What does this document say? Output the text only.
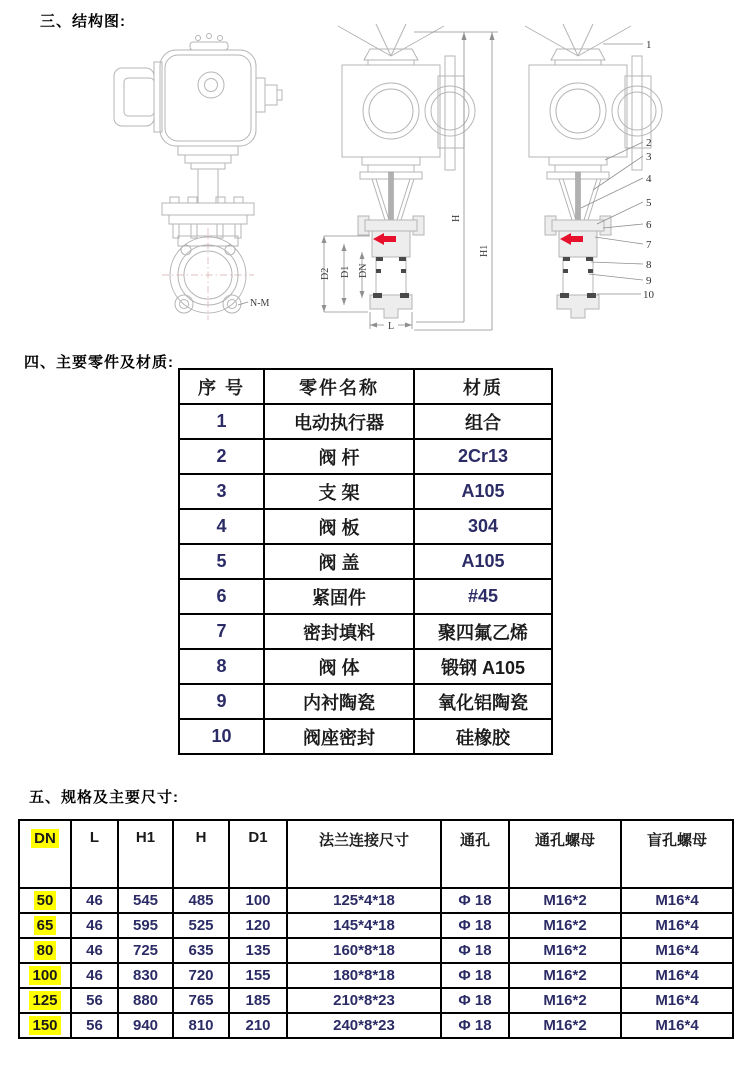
三、结构图:
四、主要零件及材质:
五、规格及主要尺寸:
N-M
D2 D1 DN
L
H
H1
1
2
3
4
5
6
7
8
9
10
序 号	零件名称	材质
1	电动执行器	组合
2	阀 杆	2Cr13
3	支 架	A105
4	阀 板	304
5	阀 盖	A105
6	紧固件	#45
7	密封填料	聚四氟乙烯
8	阀 体	锻钢 A105
9	内衬陶瓷	氧化铝陶瓷
10	阀座密封	硅橡胶
DN	L	H1	H	D1	法兰连接尺寸	通孔	通孔螺母	盲孔螺母
50	46	545	485	100	125*4*18	Φ 18	M16*2	M16*4
65	46	595	525	120	145*4*18	Φ 18	M16*2	M16*4
80	46	725	635	135	160*8*18	Φ 18	M16*2	M16*4
100	46	830	720	155	180*8*18	Φ 18	M16*2	M16*4
125	56	880	765	185	210*8*23	Φ 18	M16*2	M16*4
150	56	940	810	210	240*8*23	Φ 18	M16*2	M16*4
